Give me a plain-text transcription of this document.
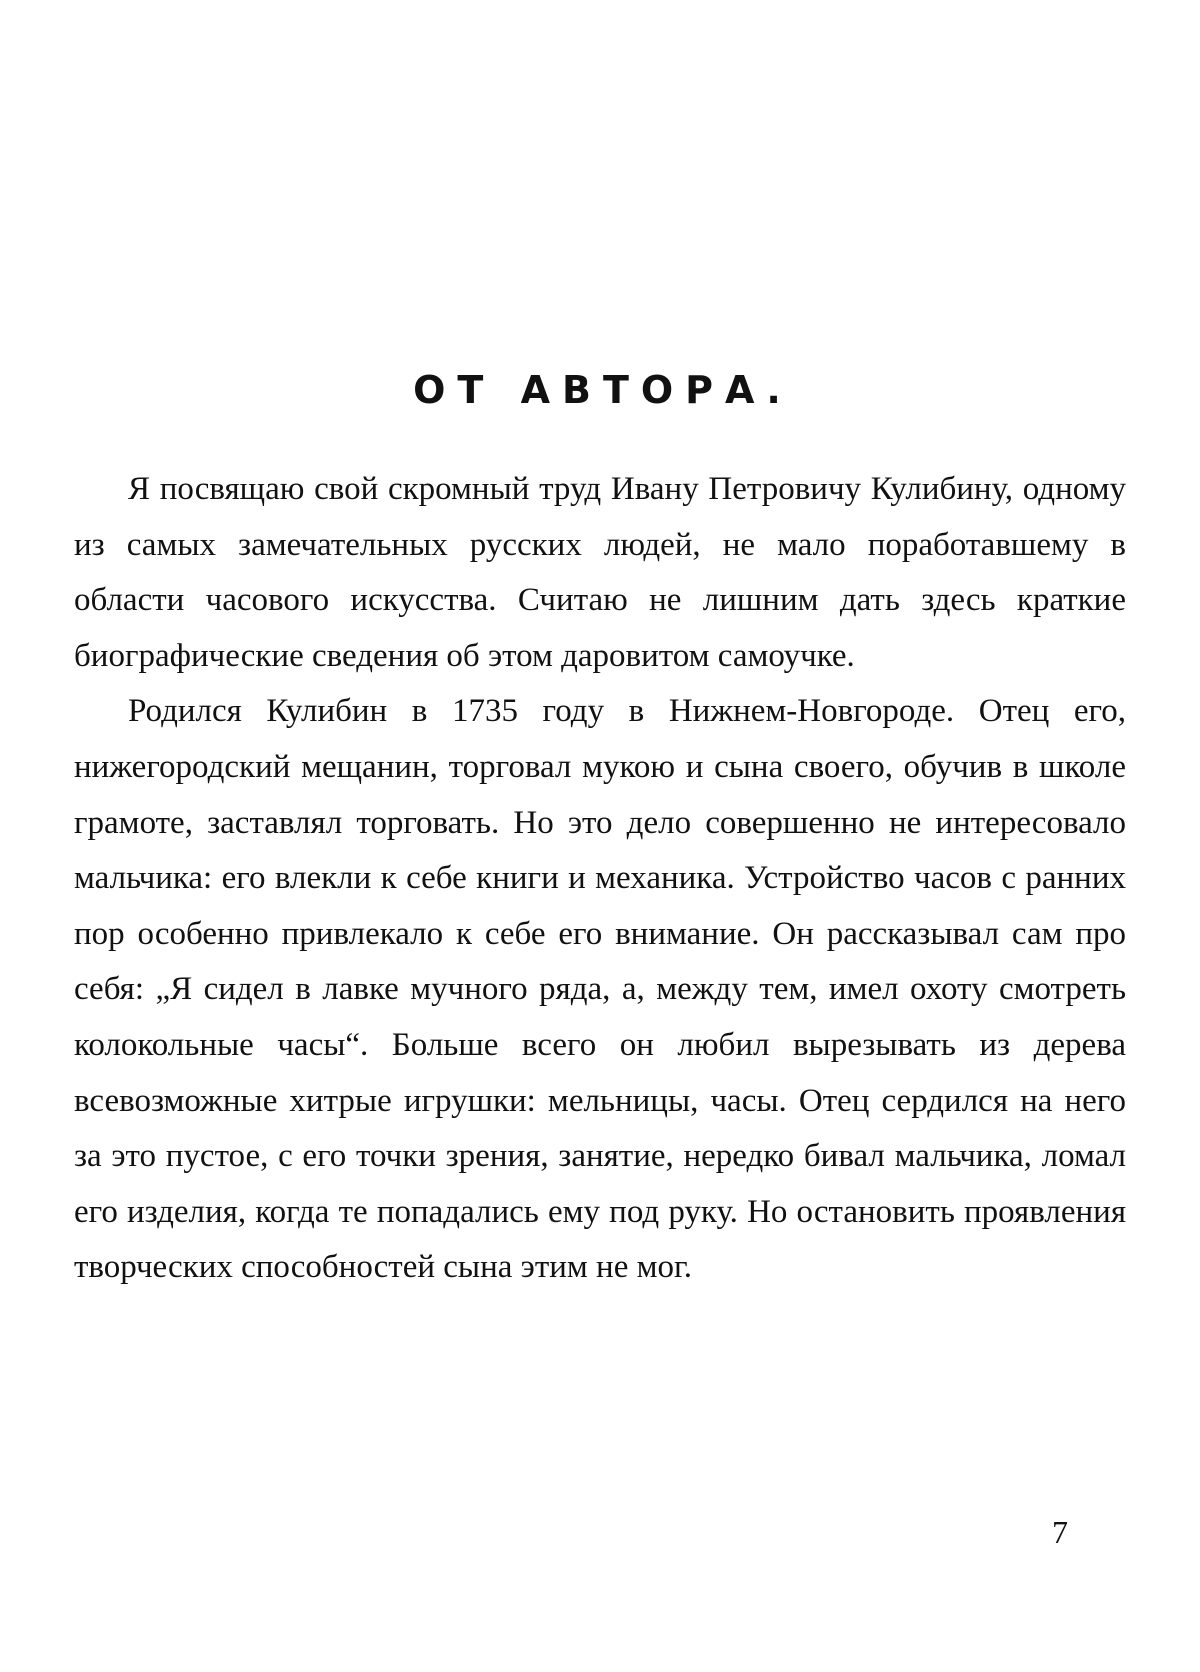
ОТ АВТОРА.

Я посвящаю свой скромный труд Ивану Петровичу Кулибину, одному из самых замечательных русских людей, не мало поработавшему в области часового искусства. Считаю не лишним дать здесь краткие биографические сведения об этом даровитом самоучке.

Родился Кулибин в 1735 году в Нижнем-Новгороде. Отец его, нижегородский мещанин, торговал мукою и сына своего, обучив в школе грамоте, заставлял торговать. Но это дело совершенно не интересовало мальчика: его влекли к себе книги и механика. Устройство часов с ранних пор особенно привлекало к себе его внимание. Он рассказывал сам про себя: „Я сидел в лавке мучного ряда, а, между тем, имел охоту смотреть колокольные часы“. Больше всего он любил вырезывать из дерева всевозможные хитрые игрушки: мельницы, часы. Отец сердился на него за это пустое, с его точки зрения, занятие, нередко бивал мальчика, ломал его изделия, когда те попадались ему под руку. Но остановить проявления творческих способностей сына этим не мог.

7
